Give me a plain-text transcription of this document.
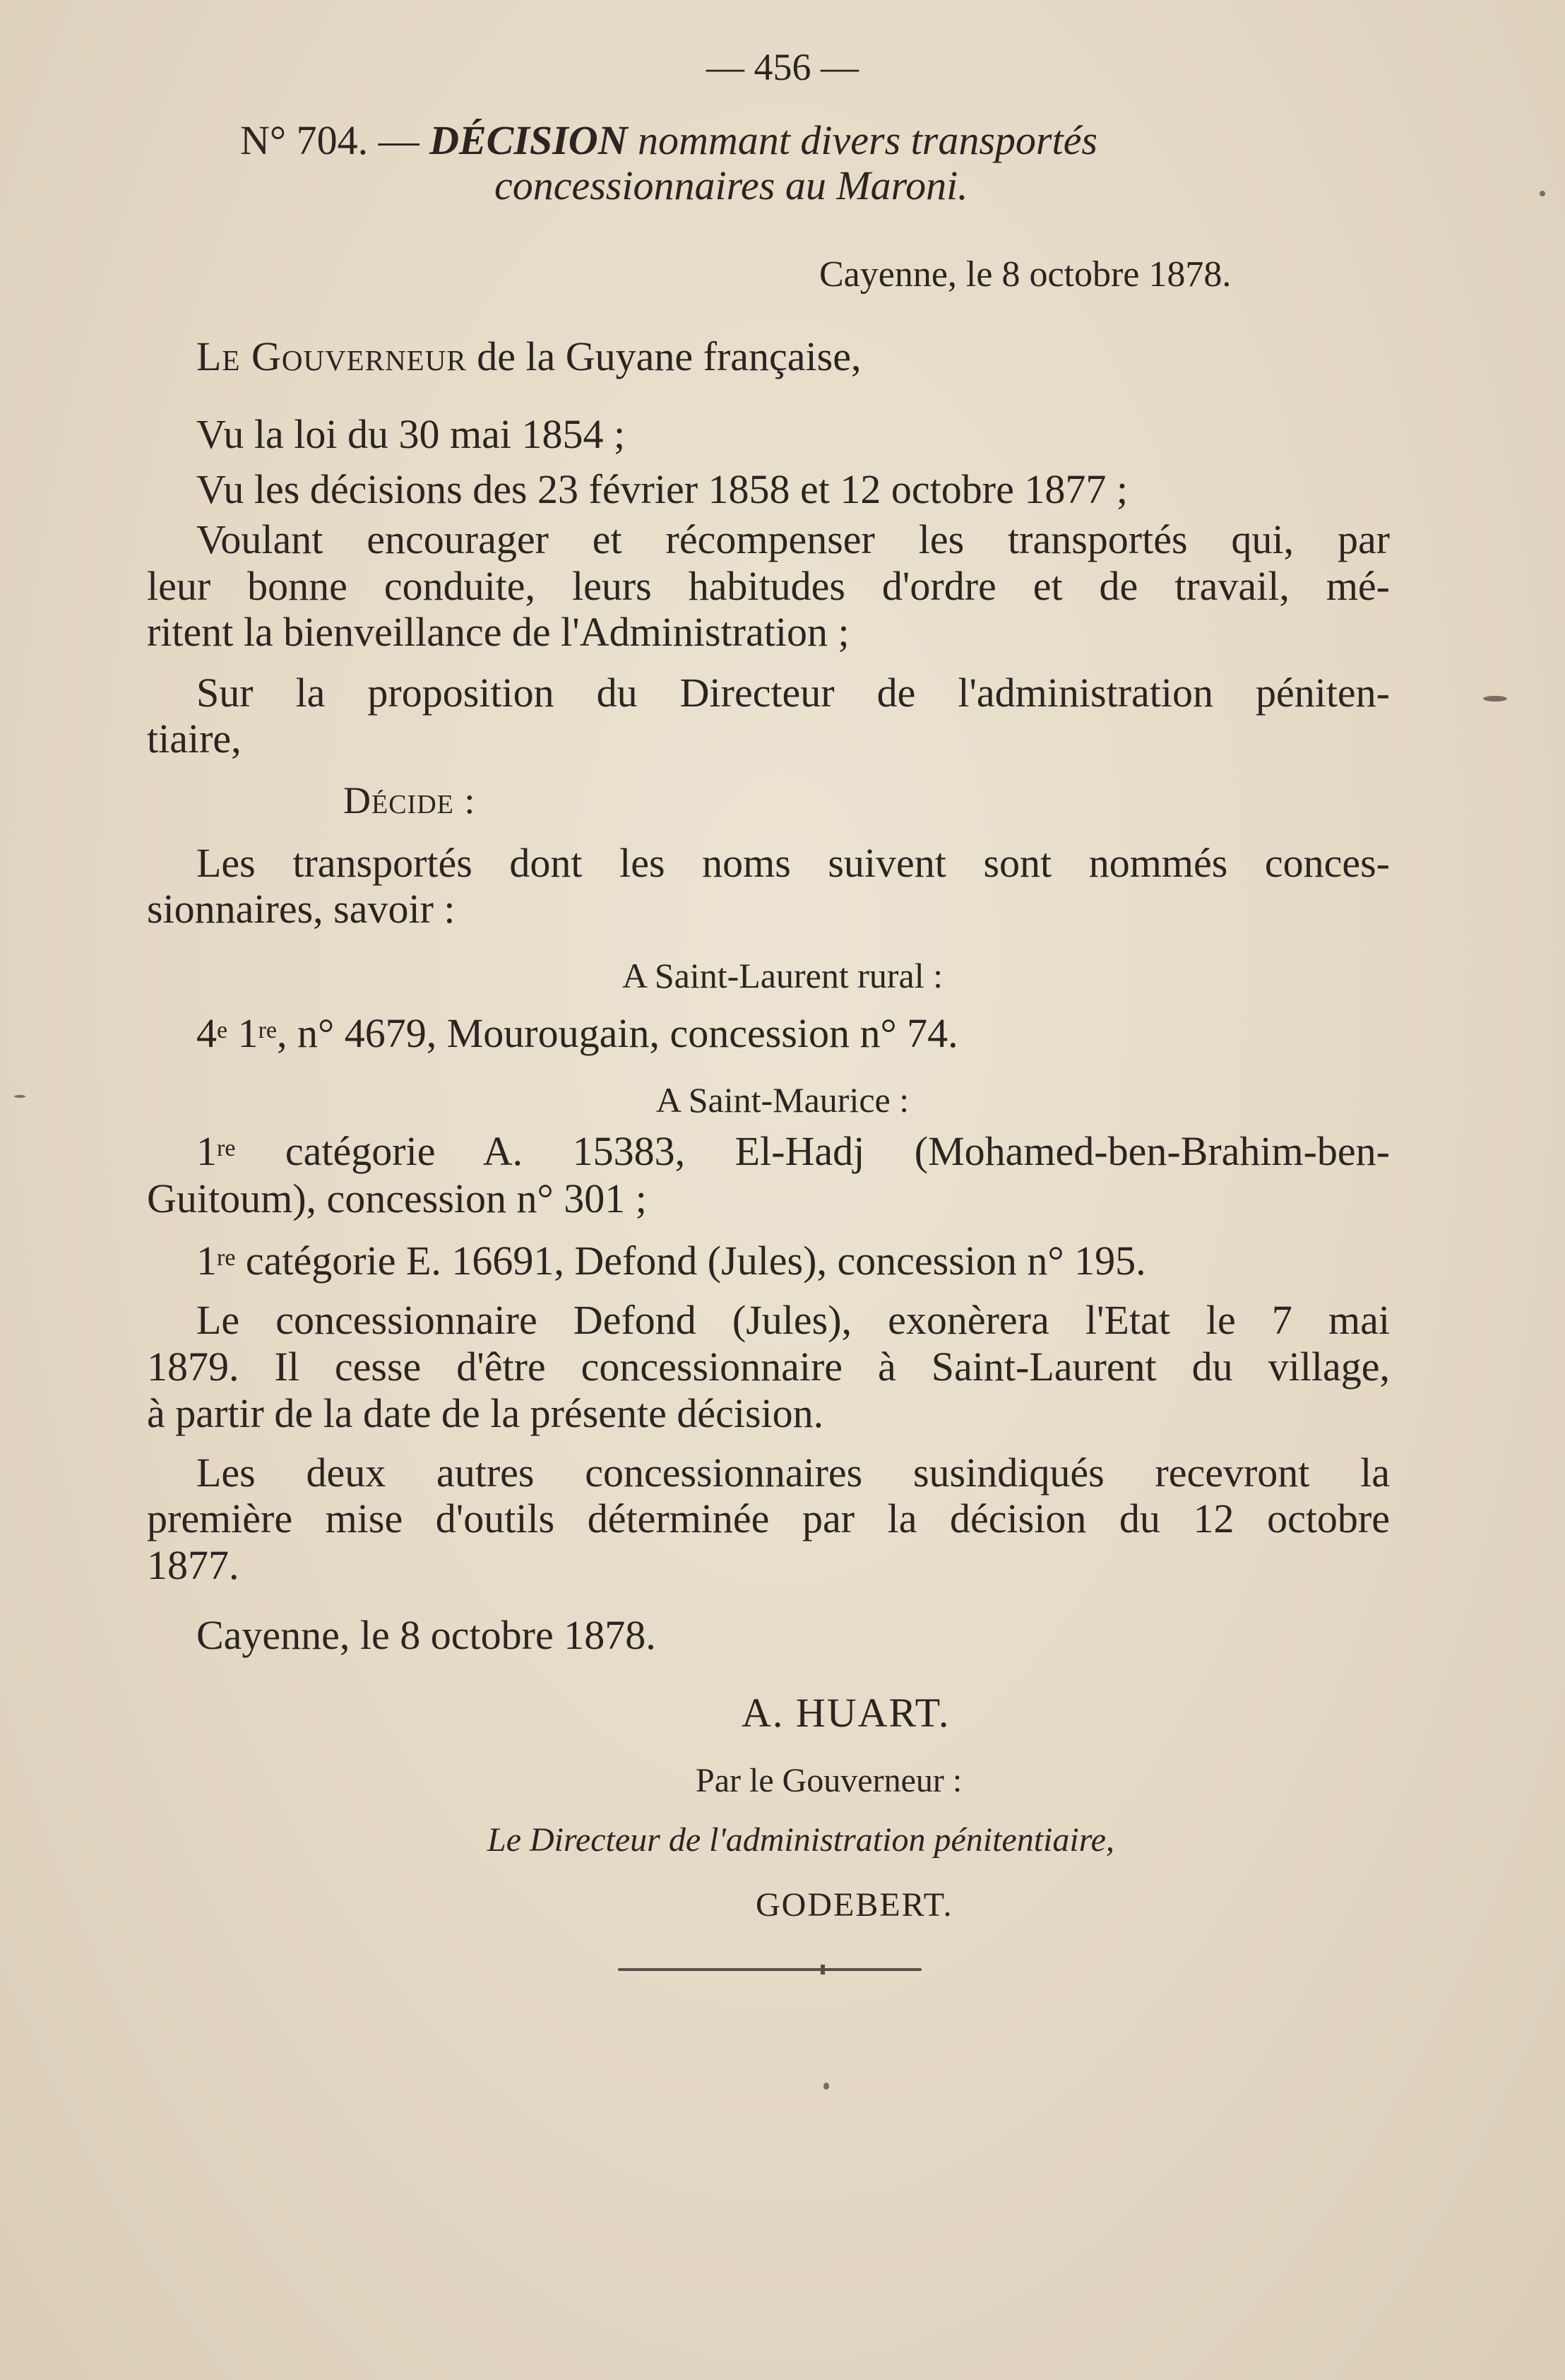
— 456 —

N° 704. — DÉCISION nommant divers transportés

concessionnaires au Maroni.

Cayenne, le 8 octobre 1878.

Le Gouverneur de la Guyane française,

Vu la loi du 30 mai 1854 ;

Vu les décisions des 23 février 1858 et 12 octobre 1877 ;

Voulant encourager et récompenser les transportés qui, par

leur bonne conduite, leurs habitudes d'ordre et de travail, mé-

ritent la bienveillance de l'Administration ;

Sur la proposition du Directeur de l'administration péniten-

tiaire,

Décide :

Les transportés dont les noms suivent sont nommés conces-

sionnaires, savoir :

A Saint-Laurent rural :

4e 1re, n° 4679, Mourougain, concession n° 74.

A Saint-Maurice :

1re catégorie A. 15383, El-Hadj (Mohamed-ben-Brahim-ben-

Guitoum), concession n° 301 ;

1re catégorie E. 16691, Defond (Jules), concession n° 195.

Le concessionnaire Defond (Jules), exonèrera l'Etat le 7 mai

1879. Il cesse d'être concessionnaire à Saint-Laurent du village,

à partir de la date de la présente décision.

Les deux autres concessionnaires susindiqués recevront la

première mise d'outils déterminée par la décision du 12 octobre

1877.

Cayenne, le 8 octobre 1878.

A. HUART.

Par le Gouverneur :

Le Directeur de l'administration pénitentiaire,

GODEBERT.
